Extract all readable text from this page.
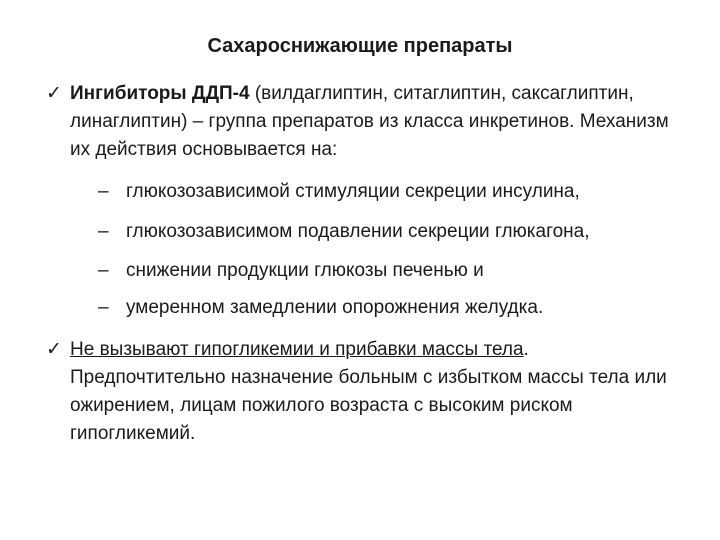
Сахароснижающие препараты
✓ Ингибиторы ДДП-4 (вилдаглиптин, ситаглиптин, саксаглиптин, линаглиптин) – группа препаратов из класса инкретинов. Механизм их действия основывается на:
– глюкозозависимой стимуляции секреции инсулина,
– глюкозозависимом подавлении секреции глюкагона,
– снижении продукции глюкозы печенью и
– умеренном замедлении опорожнения желудка.
✓ Не вызывают гипогликемии и прибавки массы тела. Предпочтительно назначение больным с избытком массы тела или ожирением, лицам пожилого возраста с высоким риском гипогликемий.
